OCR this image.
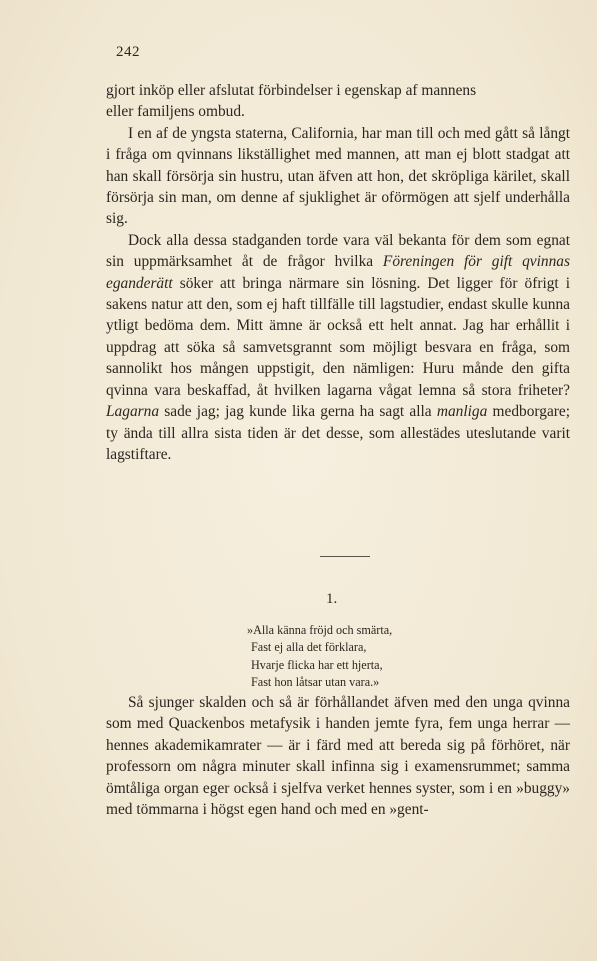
242

gjort inköp eller afslutat förbindelser i egenskap af mannens
eller familjens ombud.

I en af de yngsta staterna, California, har man till och med gått så långt i fråga om qvinnans likställighet med mannen, att man ej blott stadgat att han skall försörja sin hustru, utan äfven att hon, det skröpliga kärilet, skall försörja sin man, om denne af sjuklighet är oförmögen att sjelf underhålla sig.

Dock alla dessa stadganden torde vara väl bekanta för dem som egnat sin uppmärksamhet åt de frågor hvilka Föreningen för gift qvinnas eganderätt söker att bringa närmare sin lösning. Det ligger för öfrigt i sakens natur att den, som ej haft tillfälle till lagstudier, endast skulle kunna ytligt bedöma dem. Mitt ämne är också ett helt annat. Jag har erhållit i uppdrag att söka så samvetsgrannt som möjligt besvara en fråga, som sannolikt hos mången uppstigit, den nämligen: Huru månde den gifta qvinna vara beskaffad, åt hvilken lagarna vågat lemna så stora friheter? Lagarna sade jag; jag kunde lika gerna ha sagt alla manliga medborgare; ty ända till allra sista tiden är det desse, som allestädes uteslutande varit lagstiftare.

1.
»Alla känna fröjd och smärta,
Fast ej alla det förklara,
Hvarje flicka har ett hjerta,
Fast hon låtsar utan vara.»

Så sjunger skalden och så är förhållandet äfven med den unga qvinna som med Quackenbos metafysik i handen jemte fyra, fem unga herrar — hennes akademikamrater — är i färd med att bereda sig på förhöret, när professorn om några minuter skall infinna sig i examensrummet; samma ömtåliga organ eger också i sjelfva verket hennes syster, som i en »buggy» med tömmarna i högst egen hand och med en »gent-
